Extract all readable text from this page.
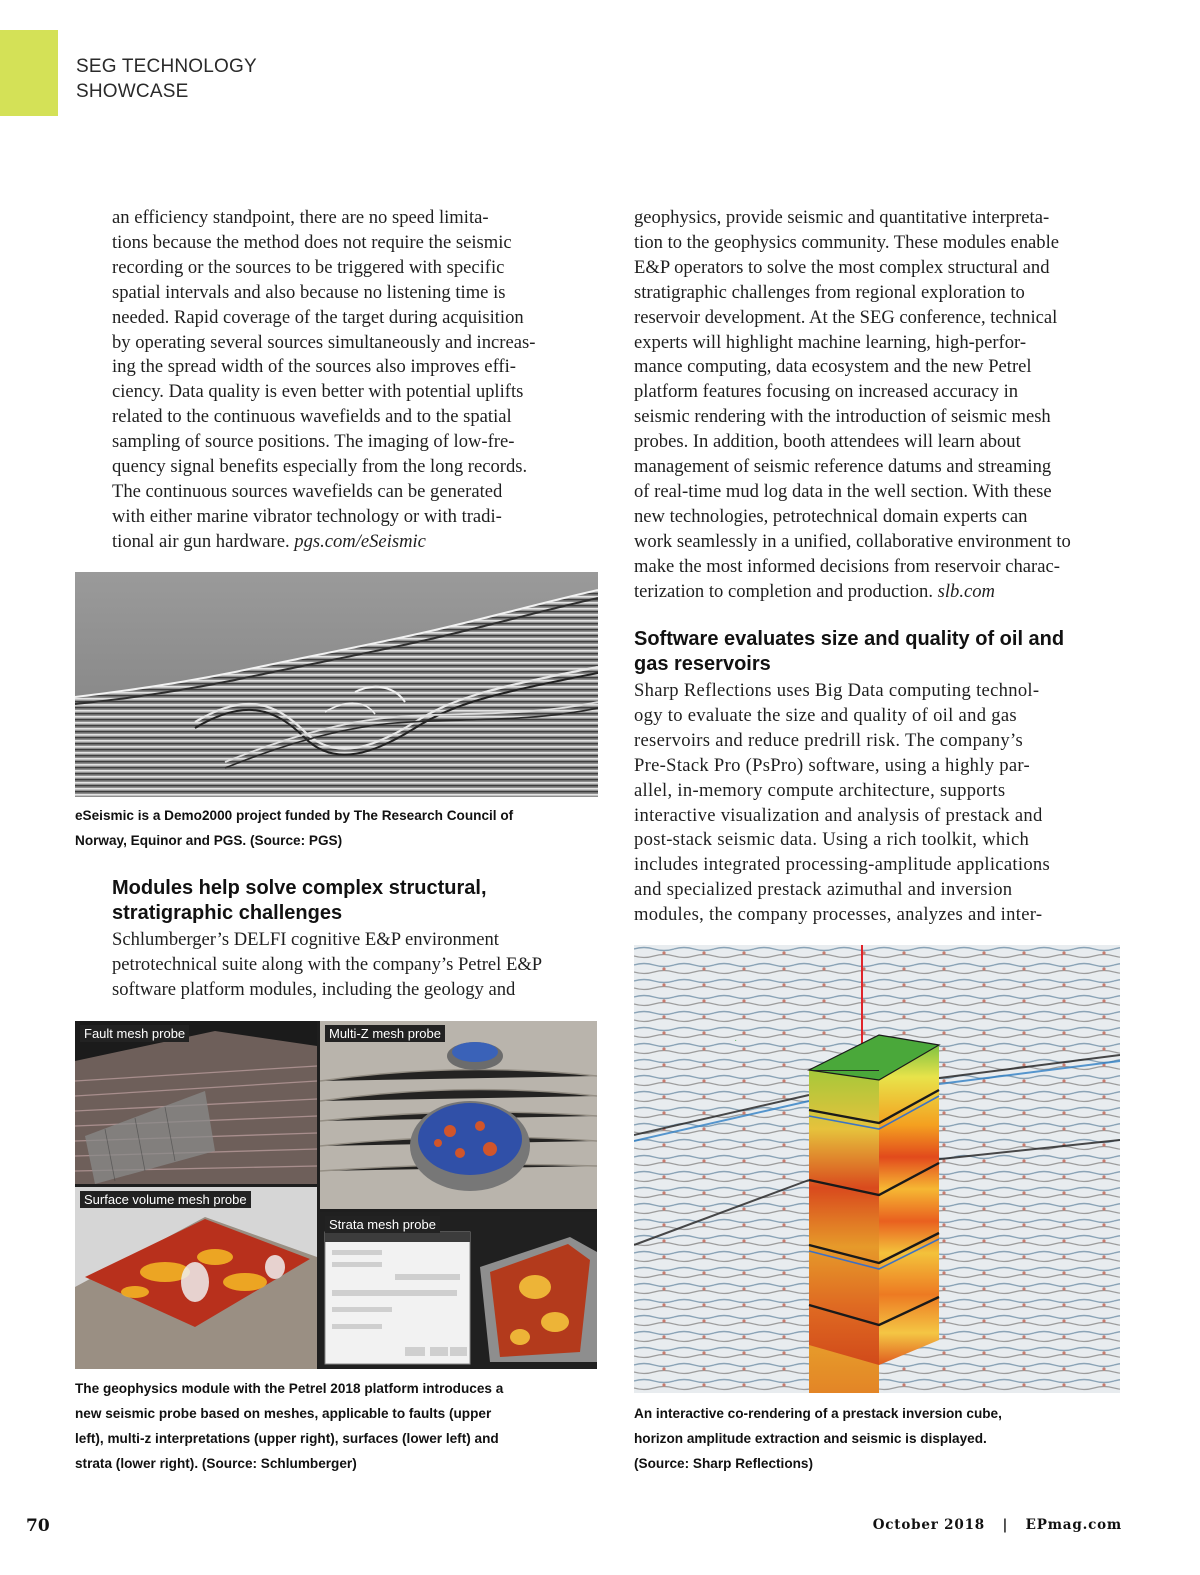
SEG TECHNOLOGY
SHOWCASE

an efficiency standpoint, there are no speed limita-

tions because the method does not require the seismic

recording or the sources to be triggered with specific

spatial intervals and also because no listening time is

needed. Rapid coverage of the target during acquisition

by operating several sources simultaneously and increas-

ing the spread width of the sources also improves effi-

ciency. Data quality is even better with potential uplifts

related to the continuous wavefields and to the spatial

sampling of source positions. The imaging of low-fre-

quency signal benefits especially from the long records.

The continuous sources wavefields can be generated

with either marine vibrator technology or with tradi-

tional air gun hardware. pgs.com/eSeismic

eSeismic is a Demo2000 project funded by The Research Council of
Norway, Equinor and PGS. (Source: PGS)
Modules help solve complex structural,
stratigraphic challenges

Schlumberger’s DELFI cognitive E&P environment

petrotechnical suite along with the company’s Petrel E&P

software platform modules, including the geology and

Fault mesh probe	Multi-Z mesh probe
Surface volume mesh probe
Strata mesh probe
The geophysics module with the Petrel 2018 platform introduces a
new seismic probe based on meshes, applicable to faults (upper
left), multi-z interpretations (upper right), surfaces (lower left) and
strata (lower right). (Source: Schlumberger)

geophysics, provide seismic and quantitative interpreta-

tion to the geophysics community. These modules enable

E&P operators to solve the most complex structural and

stratigraphic challenges from regional exploration to

reservoir development. At the SEG conference, technical

experts will highlight machine learning, high-perfor-

mance computing, data ecosystem and the new Petrel

platform features focusing on increased accuracy in

seismic rendering with the introduction of seismic mesh

probes. In addition, booth attendees will learn about

management of seismic reference datums and streaming

of real-time mud log data in the well section. With these

new technologies, petrotechnical domain experts can

work seamlessly in a unified, collaborative environment to

make the most informed decisions from reservoir charac-

terization to completion and production. slb.com

Software evaluates size and quality of oil and
gas reservoirs

Sharp Reflections uses Big Data computing technol-

ogy to evaluate the size and quality of oil and gas

reservoirs and reduce predrill risk. The company’s

Pre-Stack Pro (PsPro) software, using a highly par-

allel, in-memory compute architecture, supports

interactive visualization and analysis of prestack and

post-stack seismic data. Using a rich toolkit, which

includes integrated processing-amplitude applications

and specialized prestack azimuthal and inversion

modules, the company processes, analyzes and inter-

·
An interactive co-rendering of a prestack inversion cube,
horizon amplitude extraction and seismic is displayed.
(Source: Sharp Reflections)
70	October 2018 | EPmag.com
